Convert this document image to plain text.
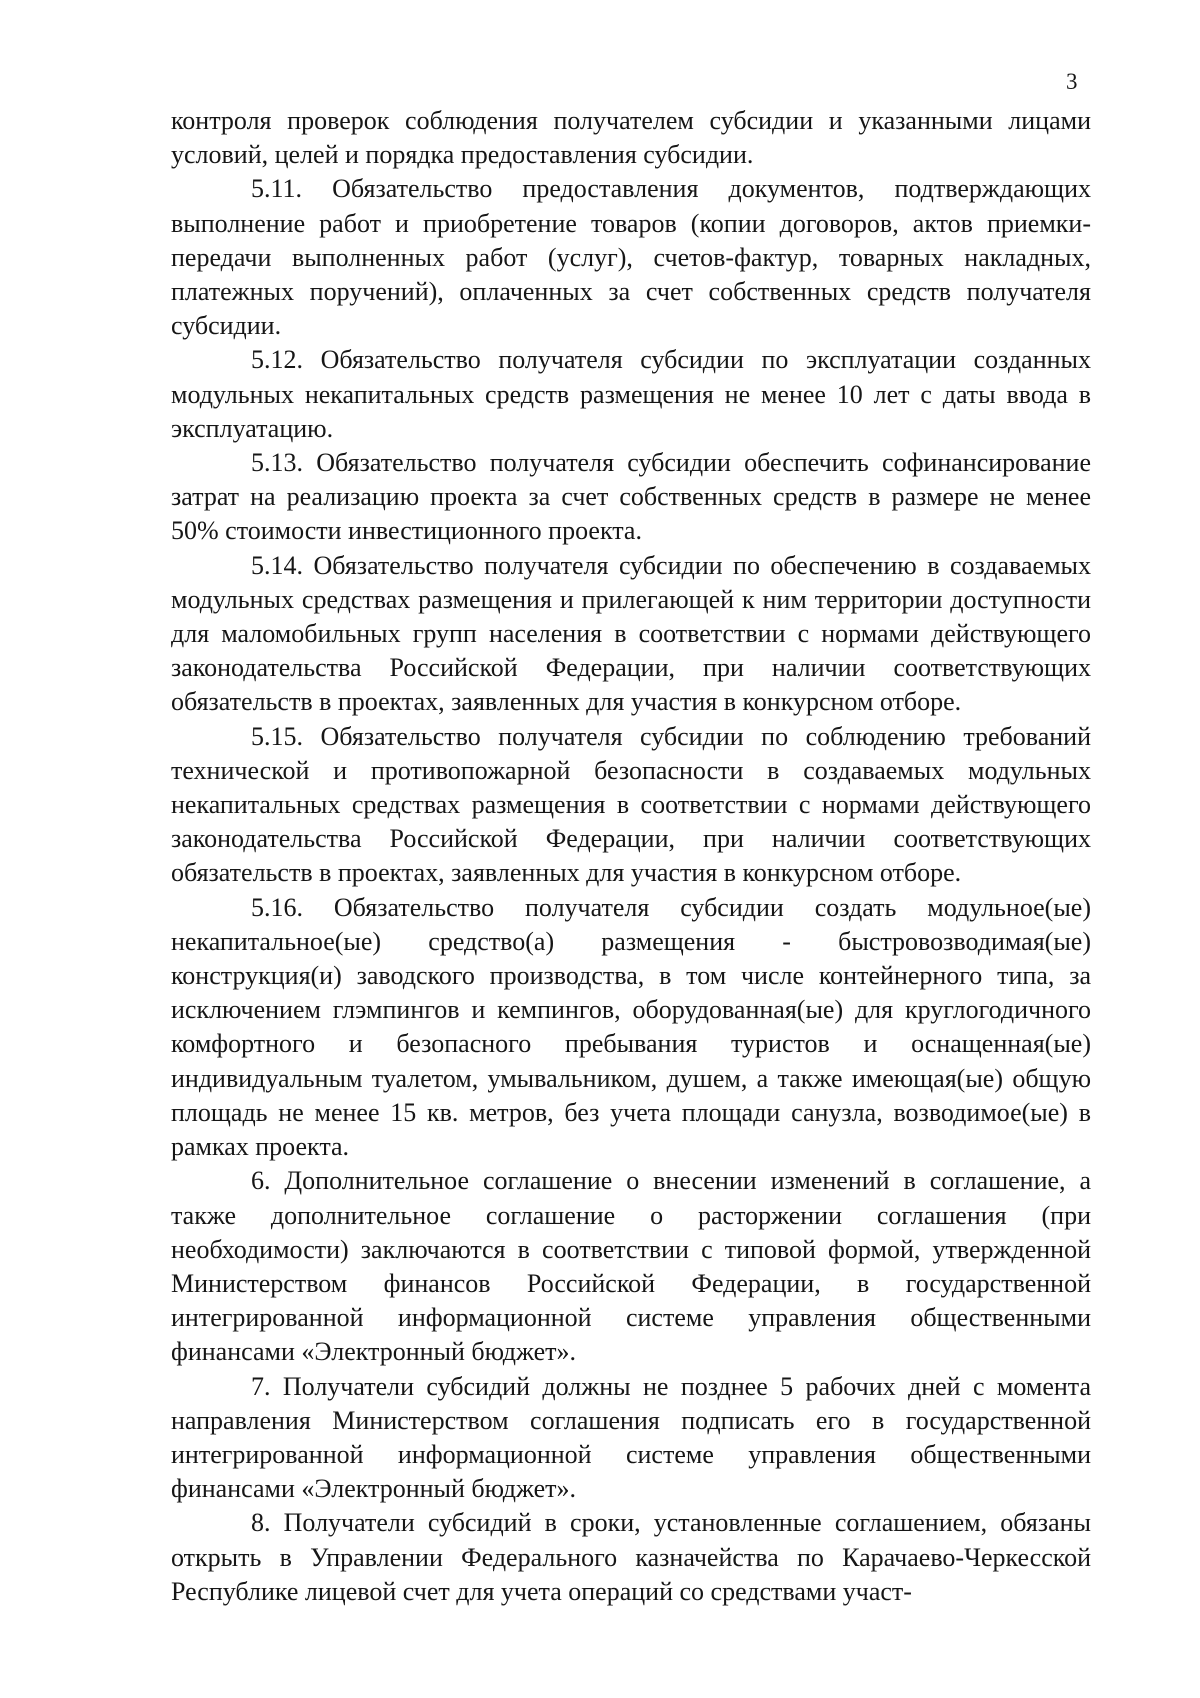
3

контроля проверок соблюдения получателем субсидии и указанными лицами условий, целей и порядка предоставления субсидии.

5.11. Обязательство предоставления документов, подтверждающих выполнение работ и приобретение товаров (копии договоров, актов приемки-передачи выполненных работ (услуг), счетов-фактур, товарных накладных, платежных поручений), оплаченных за счет собственных средств получателя субсидии.

5.12. Обязательство получателя субсидии по эксплуатации созданных модульных некапитальных средств размещения не менее 10 лет с даты ввода в эксплуатацию.

5.13. Обязательство получателя субсидии обеспечить софинансирование затрат на реализацию проекта за счет собственных средств в размере не менее 50% стоимости инвестиционного проекта.

5.14. Обязательство получателя субсидии по обеспечению в создаваемых модульных средствах размещения и прилегающей к ним территории доступности для маломобильных групп населения в соответствии с нормами действующего законодательства Российской Федерации, при наличии соответствующих обязательств в проектах, заявленных для участия в конкурсном отборе.

5.15. Обязательство получателя субсидии по соблюдению требований технической и противопожарной безопасности в создаваемых модульных некапитальных средствах размещения в соответствии с нормами действующего законодательства Российской Федерации, при наличии соответствующих обязательств в проектах, заявленных для участия в конкурсном отборе.

5.16. Обязательство получателя субсидии создать модульное(ые) некапитальное(ые) средство(а) размещения - быстровозводимая(ые) конструкция(и) заводского производства, в том числе контейнерного типа, за исключением глэмпингов и кемпингов, оборудованная(ые) для круглогодичного комфортного и безопасного пребывания туристов и оснащенная(ые) индивидуальным туалетом, умывальником, душем, а также имеющая(ые) общую площадь не менее 15 кв. метров, без учета площади санузла, возводимое(ые) в рамках проекта.

6. Дополнительное соглашение о внесении изменений в соглашение, а также дополнительное соглашение о расторжении соглашения (при необходимости) заключаются в соответствии с типовой формой, утвержденной Министерством финансов Российской Федерации, в государственной интегрированной информационной системе управления общественными финансами «Электронный бюджет».

7. Получатели субсидий должны не позднее 5 рабочих дней с момента направления Министерством соглашения подписать его в государственной интегрированной информационной системе управления общественными финансами «Электронный бюджет».

8. Получатели субсидий в сроки, установленные соглашением, обязаны открыть в Управлении Федерального казначейства по Карачаево-Черкесской Республике лицевой счет для учета операций со средствами участ-
